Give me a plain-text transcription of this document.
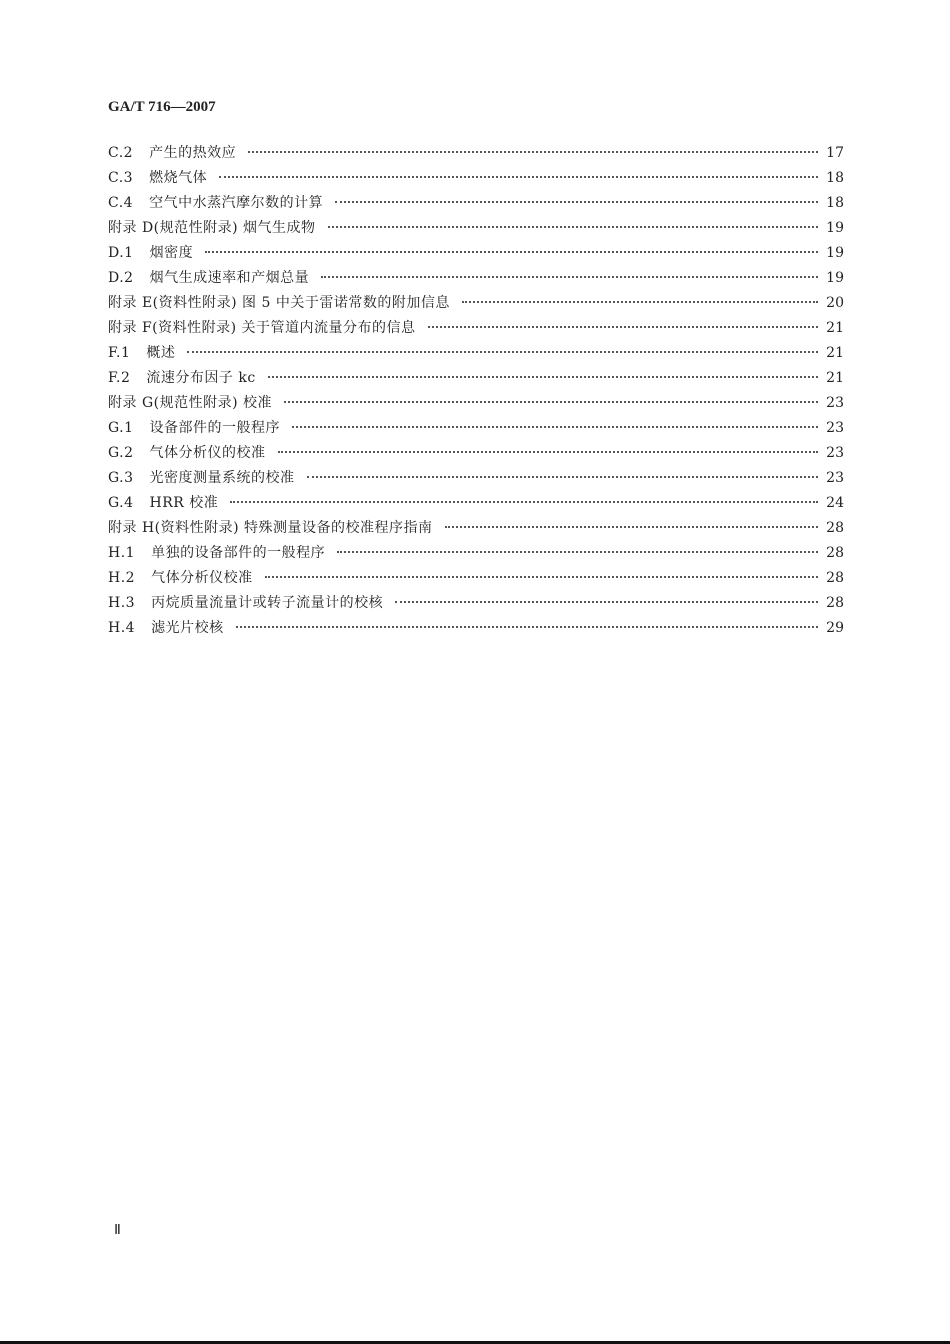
GA/T 716—2007
C.2 产生的热效应	17
C.3 燃烧气体	18
C.4 空气中水蒸汽摩尔数的计算	18
附录 D(规范性附录) 烟气生成物	19
D.1 烟密度	19
D.2 烟气生成速率和产烟总量	19
附录 E(资料性附录) 图 5 中关于雷诺常数的附加信息	20
附录 F(资料性附录) 关于管道内流量分布的信息	21
F.1 概述	21
F.2 流速分布因子 kc	21
附录 G(规范性附录) 校准	23
G.1 设备部件的一般程序	23
G.2 气体分析仪的校准	23
G.3 光密度测量系统的校准	23
G.4 HRR 校准	24
附录 H(资料性附录) 特殊测量设备的校准程序指南	28
H.1 单独的设备部件的一般程序	28
H.2 气体分析仪校准	28
H.3 丙烷质量流量计或转子流量计的校核	28
H.4 滤光片校核	29
Ⅱ
